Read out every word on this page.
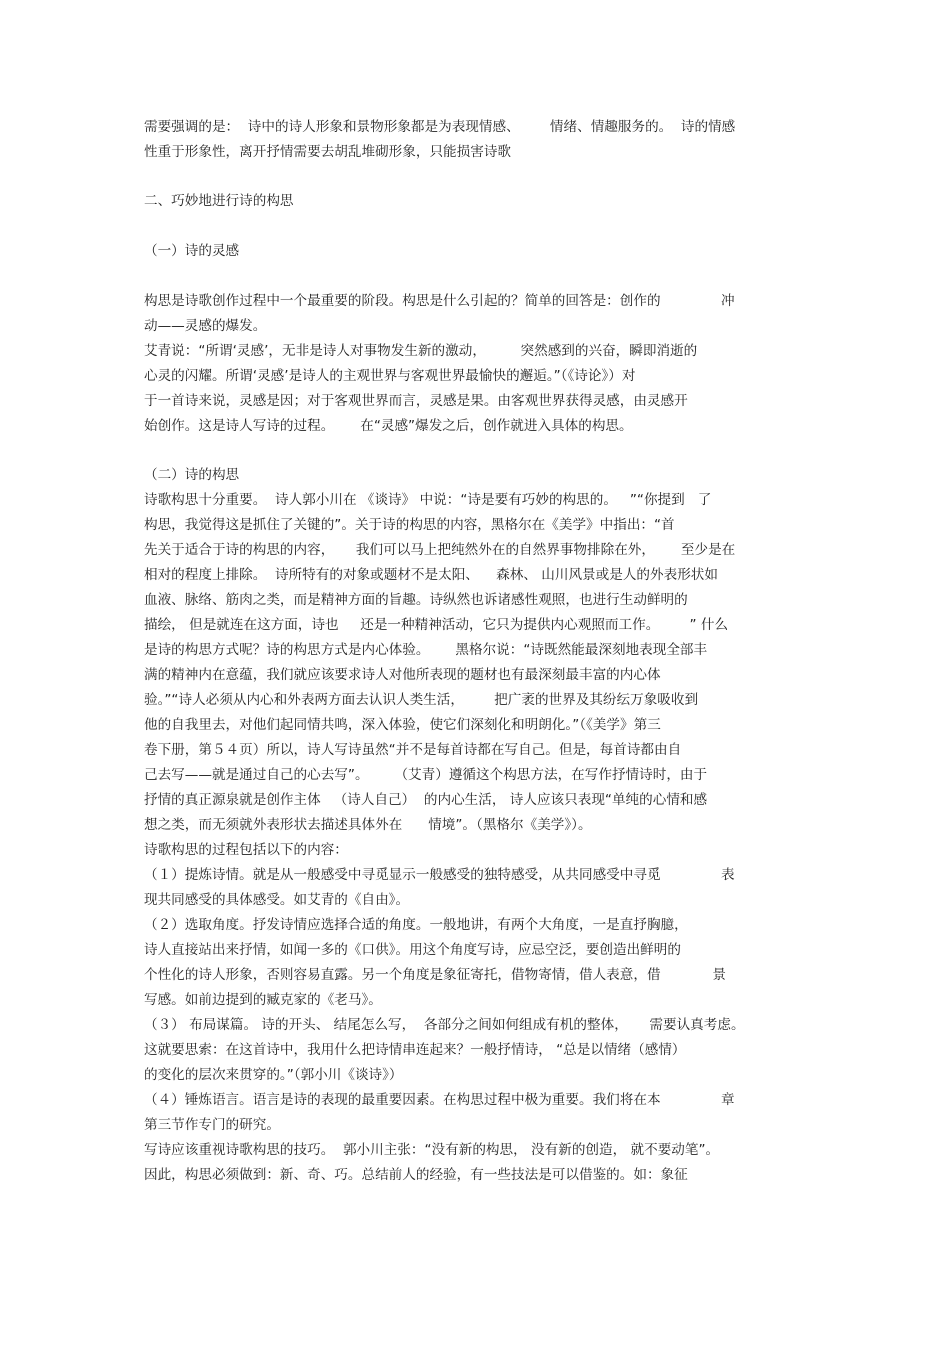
需要强调的是：  诗中的诗人形象和景物形象都是为表现情感、       情绪、情趣服务的。  诗的情感
性重于形象性，离开抒情需要去胡乱堆砌形象，只能损害诗歌
二、巧妙地进行诗的构思
（一）诗的灵感
构思是诗歌创作过程中一个最重要的阶段。构思是什么引起的？简单的回答是：创作的              冲
动——灵感的爆发。
艾青说：“所谓‘灵感’，无非是诗人对事物发生新的激动，        突然感到的兴奋，瞬即消逝的
心灵的闪耀。所谓‘灵感’是诗人的主观世界与客观世界最愉快的邂逅。”（《诗论》）对
于一首诗来说，灵感是因；对于客观世界而言，灵感是果。由客观世界获得灵感，由灵感开
始创作。这是诗人写诗的过程。      在“灵感”爆发之后，创作就进入具体的构思。
（二）诗的构思
诗歌构思十分重要。  诗人郭小川在 《谈诗》 中说：“诗是要有巧妙的构思的。   ”“你提到   了
构思，我觉得这是抓住了关键的”。关于诗的构思的内容，黑格尔在《美学》中指出：“首
先关于适合于诗的构思的内容，     我们可以马上把纯然外在的自然界事物排除在外，      至少是在
相对的程度上排除。  诗所特有的对象或题材不是太阳、    森林、 山川风景或是人的外表形状如
血液、脉络、筋肉之类，而是精神方面的旨趣。诗纵然也诉诸感性观照，也进行生动鲜明的
描绘， 但是就连在这方面，诗也     还是一种精神活动，它只为提供内心观照而工作。       ” 什么
是诗的构思方式呢？诗的构思方式是内心体验。      黑格尔说：“诗既然能最深刻地表现全部丰
满的精神内在意蕴，我们就应该要求诗人对他所表现的题材也有最深刻最丰富的内心体
验。”“诗人必须从内心和外表两方面去认识人类生活，       把广袤的世界及其纷纭万象吸收到
他的自我里去，对他们起同情共鸣，深入体验，使它们深刻化和明朗化。”（《美学》第三
卷下册，第５４页）所以，诗人写诗虽然“并不是每首诗都在写自己。但是，每首诗都由自
己去写——就是通过自己的心去写”。      （艾青）遵循这个构思方法，在写作抒情诗时，由于
抒情的真正源泉就是创作主体   （诗人自己）  的内心生活， 诗人应该只表现“单纯的心情和感
想之类，而无须就外表形状去描述具体外在      情境”。（黑格尔《美学》）。
诗歌构思的过程包括以下的内容：
（１）提炼诗情。就是从一般感受中寻觅显示一般感受的独特感受，从共同感受中寻觅              表
现共同感受的具体感受。如艾青的《自由》。
（２）选取角度。抒发诗情应选择合适的角度。一般地讲，有两个大角度，一是直抒胸臆，
诗人直接站出来抒情，如闻一多的《口供》。用这个角度写诗，应忌空泛，要创造出鲜明的
个性化的诗人形象，否则容易直露。另一个角度是象征寄托，借物寄情，借人表意，借            景
写感。如前边提到的臧克家的《老马》。
（３） 布局谋篇。 诗的开头、 结尾怎么写，  各部分之间如何组成有机的整体，     需要认真考虑。
这就要思索：在这首诗中，我用什么把诗情串连起来？一般抒情诗， “总是以情绪（感情）
的变化的层次来贯穿的。”（郭小川《谈诗》）
（４）锤炼语言。语言是诗的表现的最重要因素。在构思过程中极为重要。我们将在本              章
第三节作专门的研究。
写诗应该重视诗歌构思的技巧。  郭小川主张：“没有新的构思， 没有新的创造， 就不要动笔”。
因此，构思必须做到：新、奇、巧。总结前人的经验，有一些技法是可以借鉴的。如：象征
